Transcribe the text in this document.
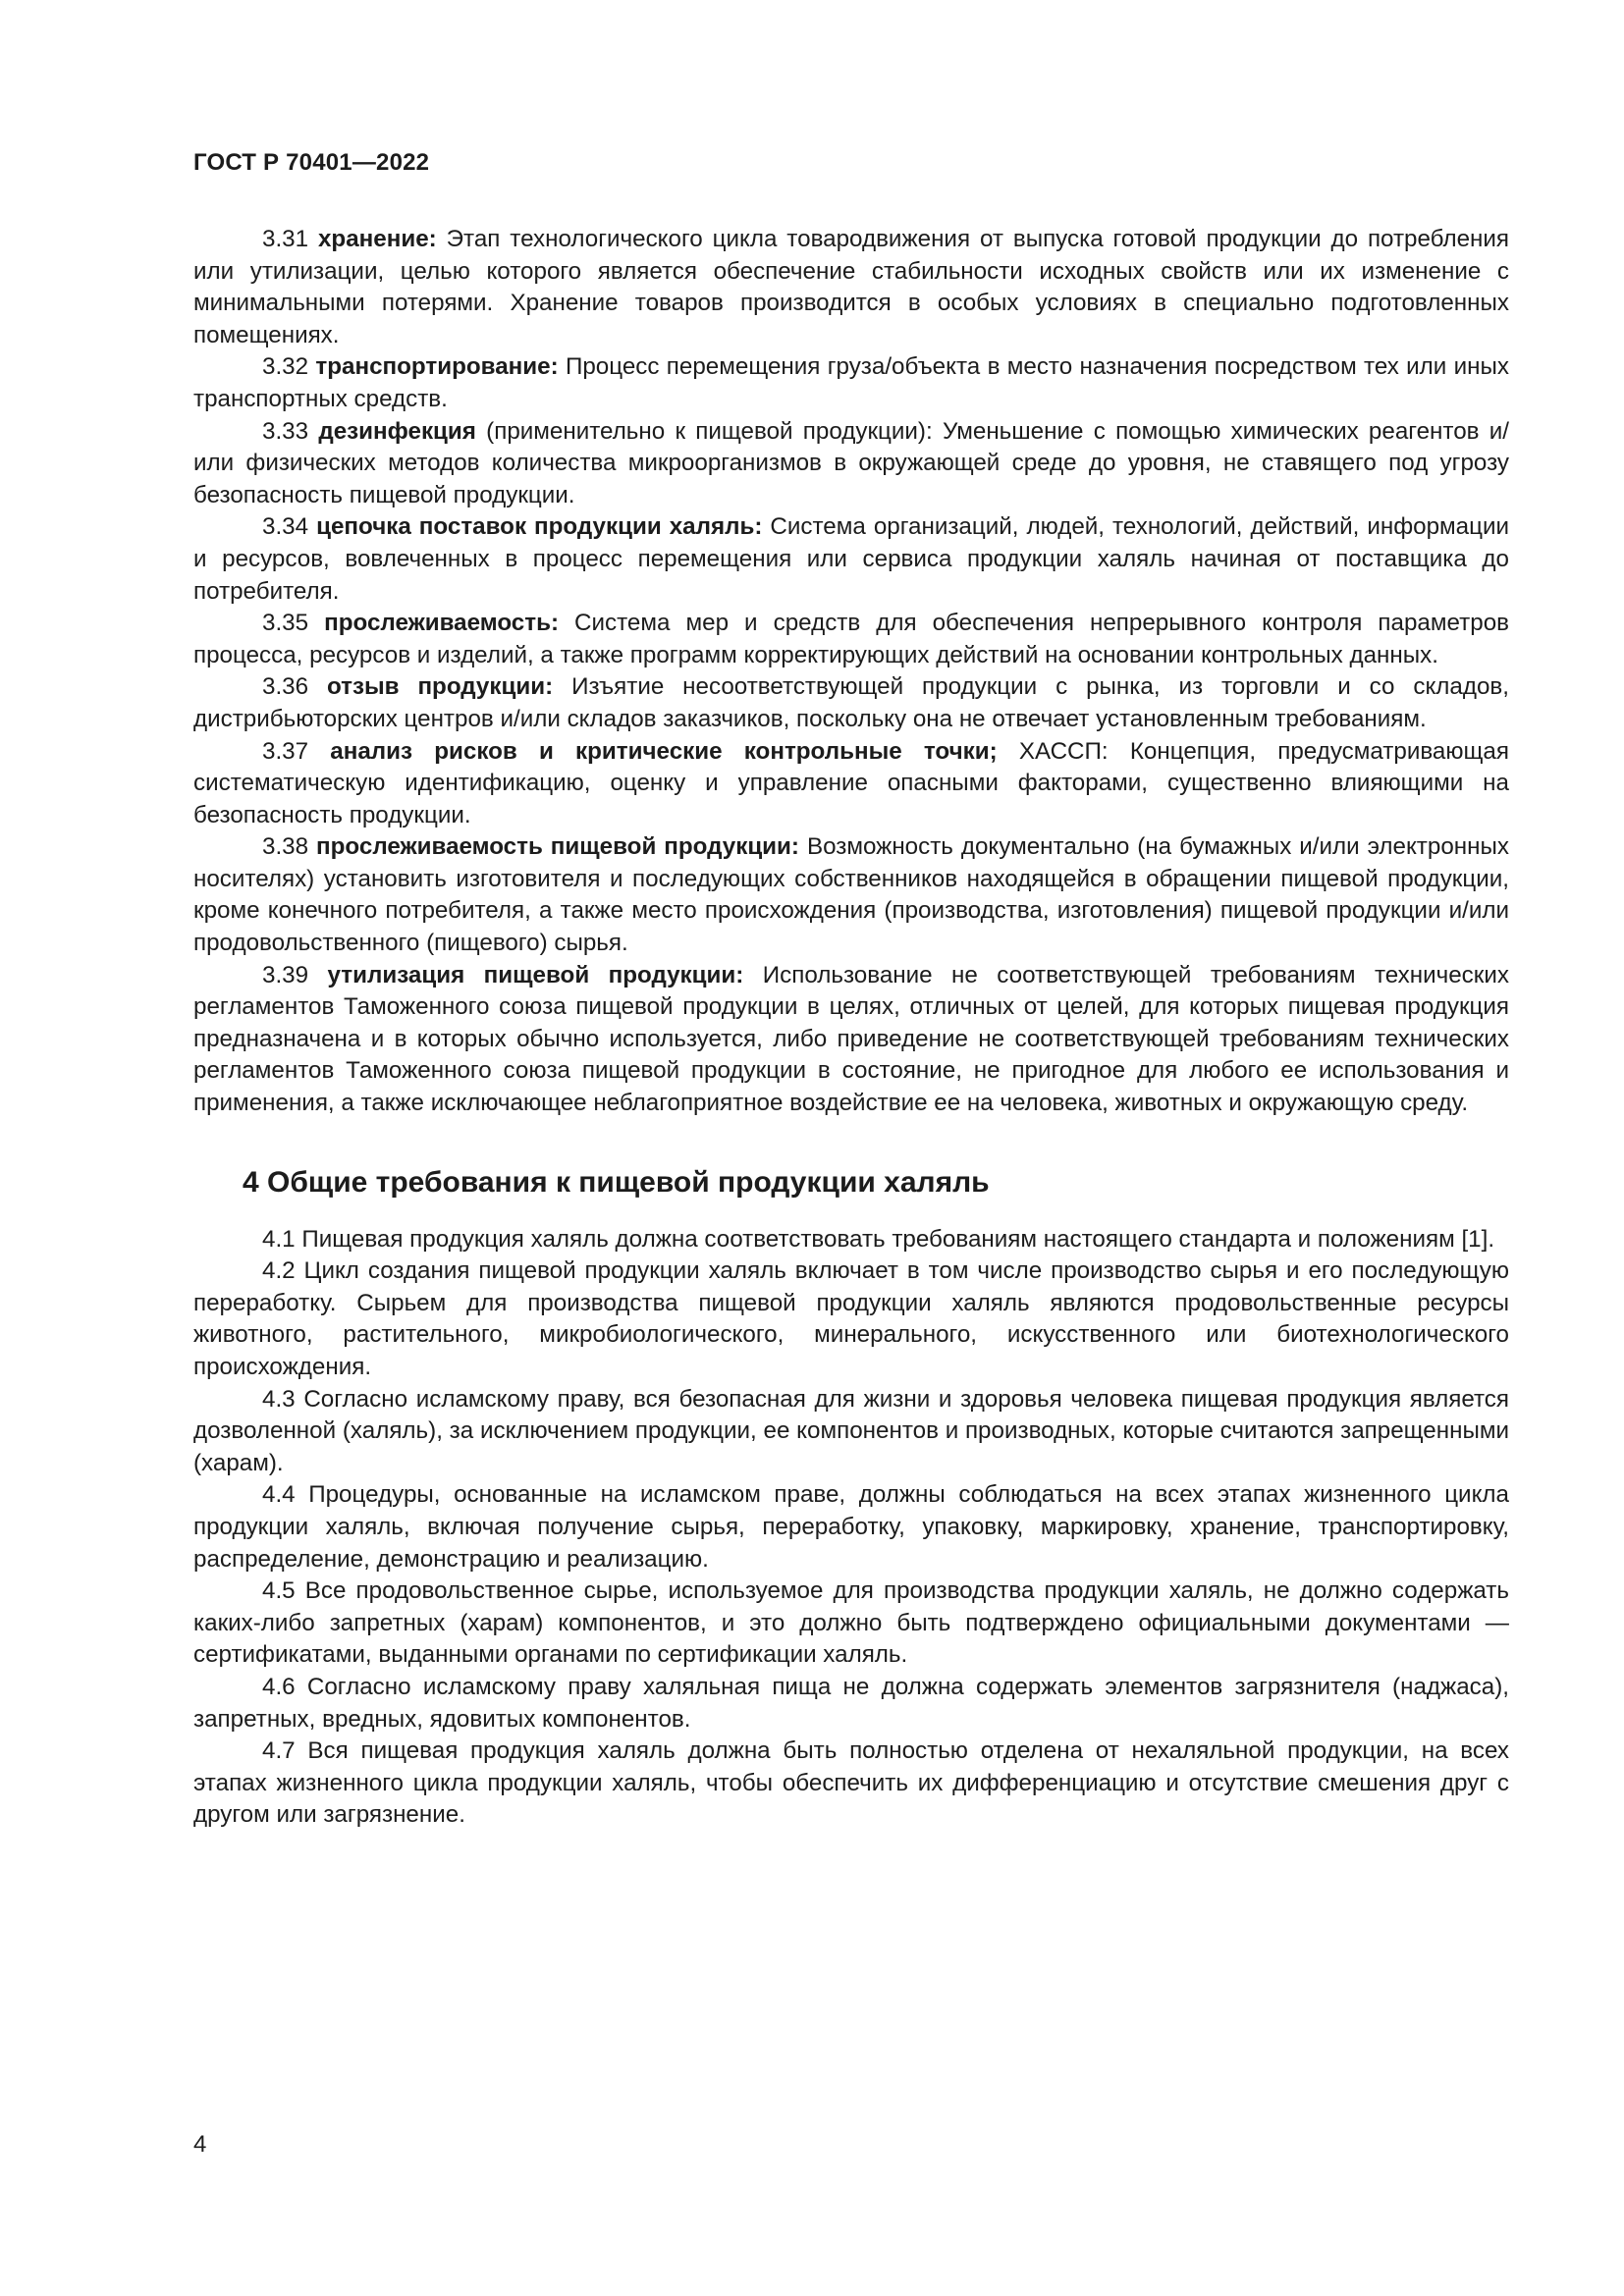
ГОСТ Р 70401—2022

3.31 хранение: Этап технологического цикла товародвижения от выпуска готовой продукции до потребления или утилизации, целью которого является обеспечение стабильности исходных свойств или их изменение с минимальными потерями. Хранение товаров производится в особых условиях в специально подготовленных помещениях.

3.32 транспортирование: Процесс перемещения груза/объекта в место назначения посредством тех или иных транспортных средств.

3.33 дезинфекция (применительно к пищевой продукции): Уменьшение с помощью химических реагентов и/или физических методов количества микроорганизмов в окружающей среде до уровня, не ставящего под угрозу безопасность пищевой продукции.

3.34 цепочка поставок продукции халяль: Система организаций, людей, технологий, действий, информации и ресурсов, вовлеченных в процесс перемещения или сервиса продукции халяль начиная от поставщика до потребителя.

3.35 прослеживаемость: Система мер и средств для обеспечения непрерывного контроля параметров процесса, ресурсов и изделий, а также программ корректирующих действий на основании контрольных данных.

3.36 отзыв продукции: Изъятие несоответствующей продукции с рынка, из торговли и со складов, дистрибьюторских центров и/или складов заказчиков, поскольку она не отвечает установленным требованиям.

3.37 анализ рисков и критические контрольные точки; ХАССП: Концепция, предусматривающая систематическую идентификацию, оценку и управление опасными факторами, существенно влияющими на безопасность продукции.

3.38 прослеживаемость пищевой продукции: Возможность документально (на бумажных и/или электронных носителях) установить изготовителя и последующих собственников находящейся в обращении пищевой продукции, кроме конечного потребителя, а также место происхождения (производства, изготовления) пищевой продукции и/или продовольственного (пищевого) сырья.

3.39 утилизация пищевой продукции: Использование не соответствующей требованиям технических регламентов Таможенного союза пищевой продукции в целях, отличных от целей, для которых пищевая продукция предназначена и в которых обычно используется, либо приведение не соответствующей требованиям технических регламентов Таможенного союза пищевой продукции в состояние, не пригодное для любого ее использования и применения, а также исключающее неблагоприятное воздействие ее на человека, животных и окружающую среду.

4 Общие требования к пищевой продукции халяль

4.1 Пищевая продукция халяль должна соответствовать требованиям настоящего стандарта и положениям [1].

4.2 Цикл создания пищевой продукции халяль включает в том числе производство сырья и его последующую переработку. Сырьем для производства пищевой продукции халяль являются продовольственные ресурсы животного, растительного, микробиологического, минерального, искусственного или биотехнологического происхождения.

4.3 Согласно исламскому праву, вся безопасная для жизни и здоровья человека пищевая продукция является дозволенной (халяль), за исключением продукции, ее компонентов и производных, которые считаются запрещенными (харам).

4.4 Процедуры, основанные на исламском праве, должны соблюдаться на всех этапах жизненного цикла продукции халяль, включая получение сырья, переработку, упаковку, маркировку, хранение, транспортировку, распределение, демонстрацию и реализацию.

4.5 Все продовольственное сырье, используемое для производства продукции халяль, не должно содержать каких-либо запретных (харам) компонентов, и это должно быть подтверждено официальными документами — сертификатами, выданными органами по сертификации халяль.

4.6 Согласно исламскому праву халяльная пища не должна содержать элементов загрязнителя (наджаса), запретных, вредных, ядовитых компонентов.

4.7 Вся пищевая продукция халяль должна быть полностью отделена от нехаляльной продукции, на всех этапах жизненного цикла продукции халяль, чтобы обеспечить их дифференциацию и отсутствие смешения друг с другом или загрязнение.

4
